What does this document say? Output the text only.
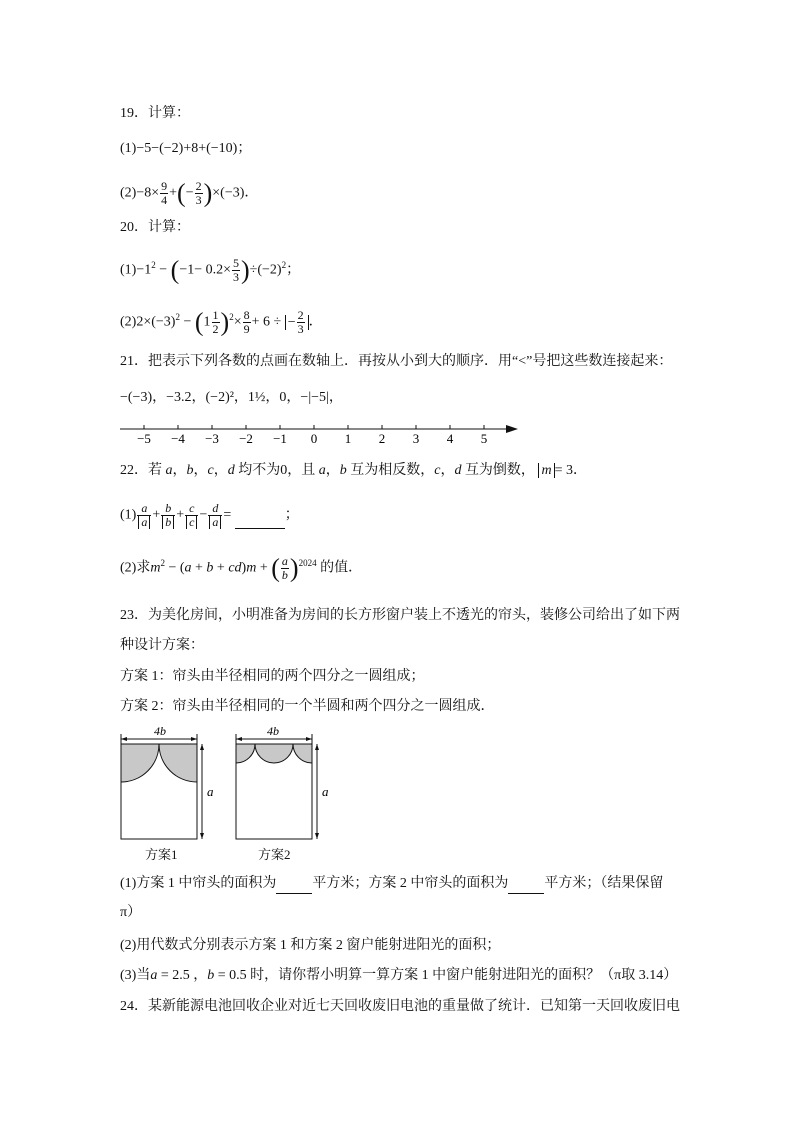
19．计算：
(1)−5−(−2)+8+(−10)；
$(2)-8\times \frac{9}{4}$ +(− $\frac{2}{3} )\times(-3)$．
20．计算：
$(1)-1^2 - (-1- 0.2\times \frac{5}{3} )\div(-2)^2$；
$(2)2\times(-3)^2 - (1 \frac{1}{2} )^2\times \frac{8}{9} + 6$ ÷ − $\frac{2}{3}$ ．
21．把表示下列各数的点画在数轴上．再按从小到大的顺序．用“<”号把这些数连接起来：
−(−3)，−3.2，(−2)²，1½，0，−|−5|，
−5 −4 −3 −2 −1 0 1 2 3 4 5
22．若 a，b，c，d 均不为0，且 a，b 互为相反数，c，d 互为倒数， m = 3．
$(1) \frac{a}{a} + \frac{b}{b} + \frac{c}{c} - \frac{d}{a}$ =	；
(2)求$m^2 - (a + b + cd)m$ + ( $\frac{a}{b} )^{2024}$ 的值．
23．为美化房间，小明准备为房间的长方形窗户装上不透光的帘头，装修公司给出了如下两
种设计方案：
方案 1：帘头由半径相同的两个四分之一圆组成；
方案 2：帘头由半径相同的一个半圆和两个四分之一圆组成．
4b
a
方案1
4b
a
方案2
(1)方案 1 中帘头的面积为	平方米；方案 2 中帘头的面积为	平方米；（结果保留
π）
(2)用代数式分别表示方案 1 和方案 2 窗户能射进阳光的面积；
(3)当a = 2.5 ，b = 0.5 时，请你帮小明算一算方案 1 中窗户能射进阳光的面积？（π取 3.14）
24．某新能源电池回收企业对近七天回收废旧电池的重量做了统计．已知第一天回收废旧电
